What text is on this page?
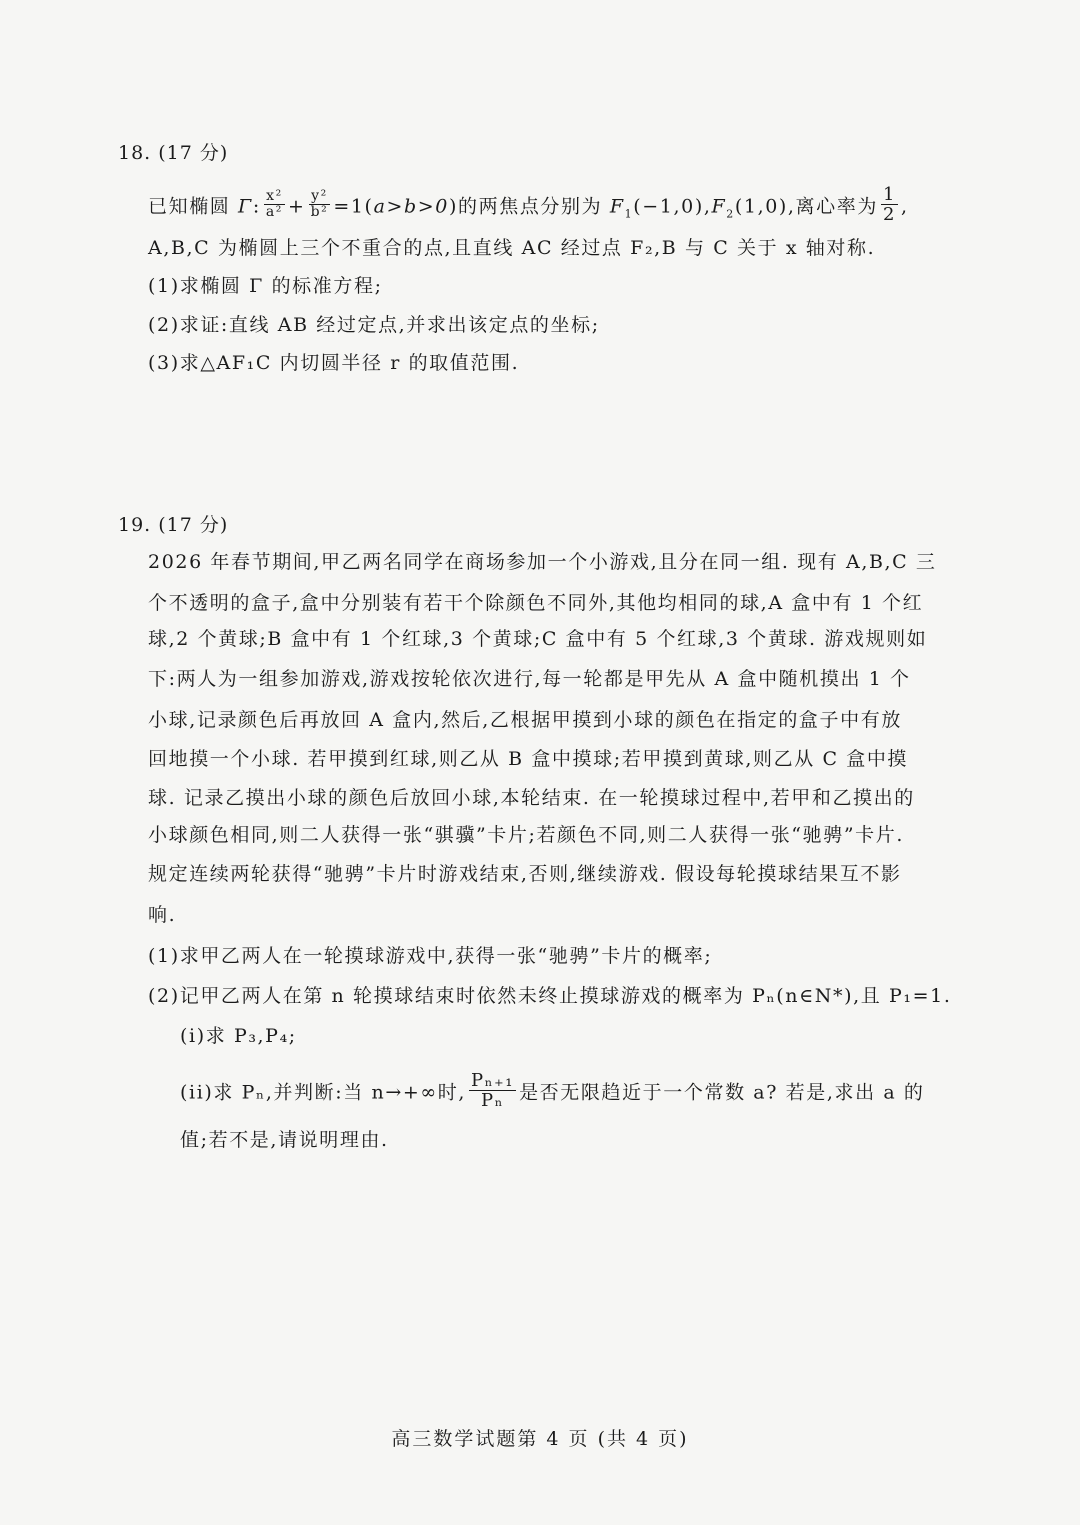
18. (17 分)
已知椭圆 Γ: $\frac{\text{x²}}{\text{a²}} + \frac{\text{y²}}{\text{b²}} =1(a>b>0)$的两焦点分别为 $F_1(-1,0),F_2(1,0)$,离心率为 $\frac{1}{2}$ ,
A,B,C 为椭圆上三个不重合的点,且直线 AC 经过点 F₂,B 与 C 关于 x 轴对称.
(1)求椭圆 Γ 的标准方程;
(2)求证:直线 AB 经过定点,并求出该定点的坐标;
(3)求△AF₁C 内切圆半径 r 的取值范围.
19. (17 分)
2026 年春节期间,甲乙两名同学在商场参加一个小游戏,且分在同一组. 现有 A,B,C 三
个不透明的盒子,盒中分别装有若干个除颜色不同外,其他均相同的球,A 盒中有 1 个红
球,2 个黄球;B 盒中有 1 个红球,3 个黄球;C 盒中有 5 个红球,3 个黄球. 游戏规则如
下:两人为一组参加游戏,游戏按轮依次进行,每一轮都是甲先从 A 盒中随机摸出 1 个
小球,记录颜色后再放回 A 盒内,然后,乙根据甲摸到小球的颜色在指定的盒子中有放
回地摸一个小球. 若甲摸到红球,则乙从 B 盒中摸球;若甲摸到黄球,则乙从 C 盒中摸
球. 记录乙摸出小球的颜色后放回小球,本轮结束. 在一轮摸球过程中,若甲和乙摸出的
小球颜色相同,则二人获得一张“骐骥”卡片;若颜色不同,则二人获得一张“驰骋”卡片.
规定连续两轮获得“驰骋”卡片时游戏结束,否则,继续游戏. 假设每轮摸球结果互不影
响.
(1)求甲乙两人在一轮摸球游戏中,获得一张“驰骋”卡片的概率;
(2)记甲乙两人在第 n 轮摸球结束时依然未终止摸球游戏的概率为 Pₙ(n∈N*),且 P₁=1.
(i)求 P₃,P₄;
(ii)求 Pₙ,并判断:当 n→+∞时, $\frac{\text{Pₙ₊₁}}{\text{Pₙ}}$ 是否无限趋近于一个常数 a? 若是,求出 a 的
值;若不是,请说明理由.
高三数学试题第 4 页 (共 4 页)
